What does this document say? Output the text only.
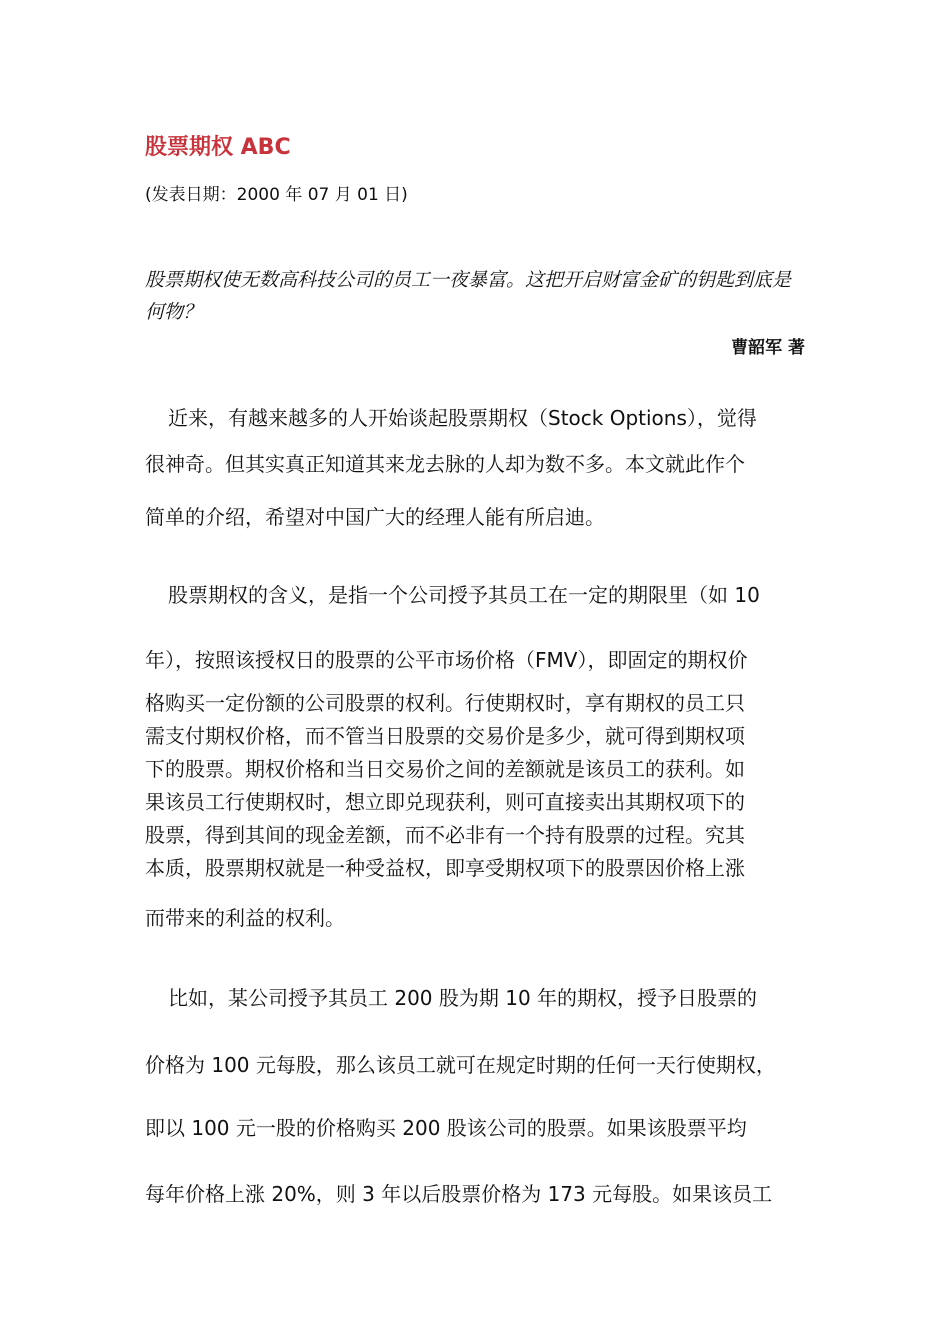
股票期权 ABC
(发表日期：2000 年 07 月 01 日)
股票期权使无数高科技公司的员工一夜暴富。这把开启财富金矿的钥匙到底是何物？
曹韶军 著
近来，有越来越多的人开始谈起股票期权（Stock Options），觉得
很神奇。但其实真正知道其来龙去脉的人却为数不多。本文就此作个
简单的介绍，希望对中国广大的经理人能有所启迪。
股票期权的含义，是指一个公司授予其员工在一定的期限里（如 10
年），按照该授权日的股票的公平市场价格（FMV），即固定的期权价
格购买一定份额的公司股票的权利。行使期权时，享有期权的员工只
需支付期权价格，而不管当日股票的交易价是多少，就可得到期权项
下的股票。期权价格和当日交易价之间的差额就是该员工的获利。如
果该员工行使期权时，想立即兑现获利，则可直接卖出其期权项下的
股票，得到其间的现金差额，而不必非有一个持有股票的过程。究其
本质，股票期权就是一种受益权，即享受期权项下的股票因价格上涨
而带来的利益的权利。
比如，某公司授予其员工 200 股为期 10 年的期权，授予日股票的
价格为 100 元每股，那么该员工就可在规定时期的任何一天行使期权，
即以 100 元一股的价格购买 200 股该公司的股票。如果该股票平均
每年价格上涨 20%，则 3 年以后股票价格为 173 元每股。如果该员工
